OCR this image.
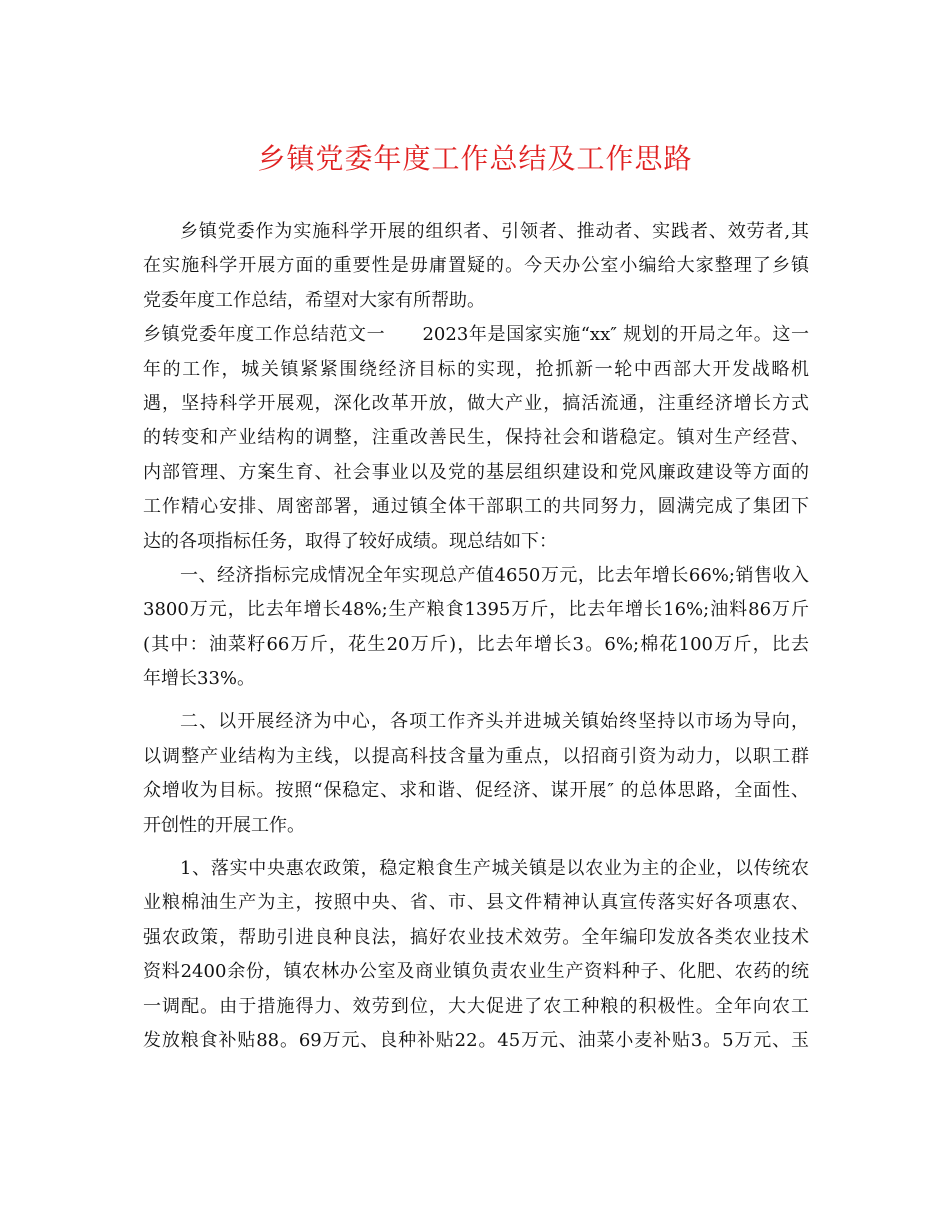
乡镇党委年度工作总结及工作思路
乡镇党委作为实施科学开展的组织者、引领者、推动者、实践者、效劳者,其
在实施科学开展方面的重要性是毋庸置疑的。今天办公室小编给大家整理了乡镇
党委年度工作总结，希望对大家有所帮助。
乡镇党委年度工作总结范文一　　2023年是国家实施“xx″ 规划的开局之年。这一
年的工作，城关镇紧紧围绕经济目标的实现，抢抓新一轮中西部大开发战略机
遇，坚持科学开展观，深化改革开放，做大产业，搞活流通，注重经济增长方式
的转变和产业结构的调整，注重改善民生，保持社会和谐稳定。镇对生产经营、
内部管理、方案生育、社会事业以及党的基层组织建设和党风廉政建设等方面的
工作精心安排、周密部署，通过镇全体干部职工的共同努力，圆满完成了集团下
达的各项指标任务，取得了较好成绩。现总结如下：
一、经济指标完成情况全年实现总产值4650万元，比去年增长66%;销售收入
3800万元，比去年增长48%;生产粮食1395万斤，比去年增长16%;油料86万斤
(其中：油菜籽66万斤，花生20万斤)，比去年增长3。6%;棉花100万斤，比去
年增长33%。
二、以开展经济为中心，各项工作齐头并进城关镇始终坚持以市场为导向，
以调整产业结构为主线，以提高科技含量为重点，以招商引资为动力，以职工群
众增收为目标。按照“保稳定、求和谐、促经济、谋开展″ 的总体思路，全面性、
开创性的开展工作。
1、落实中央惠农政策，稳定粮食生产城关镇是以农业为主的企业，以传统农
业粮棉油生产为主，按照中央、省、市、县文件精神认真宣传落实好各项惠农、
强农政策，帮助引进良种良法，搞好农业技术效劳。全年编印发放各类农业技术
资料2400余份，镇农林办公室及商业镇负责农业生产资料种子、化肥、农药的统
一调配。由于措施得力、效劳到位，大大促进了农工种粮的积极性。全年向农工
发放粮食补贴88。69万元、良种补贴22。45万元、油菜小麦补贴3。5万元、玉
